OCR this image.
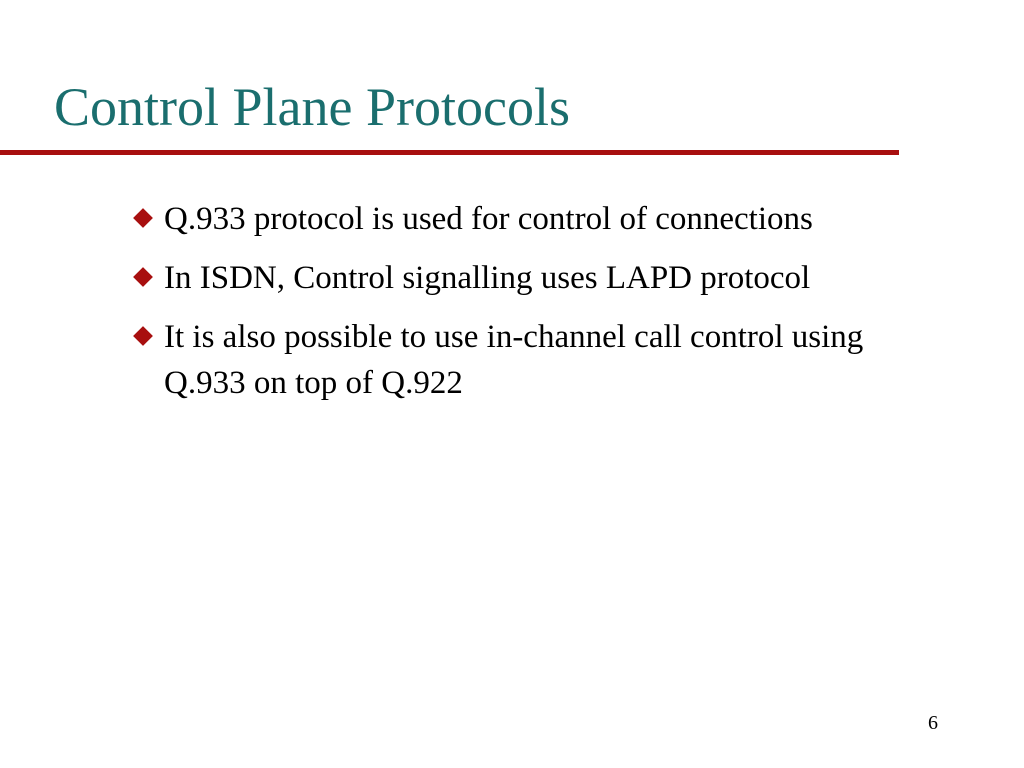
Control Plane Protocols
Q.933 protocol is used for control of connections
In ISDN, Control signalling uses LAPD protocol
It is also possible to use in-channel call control using Q.933 on top of Q.922
6
